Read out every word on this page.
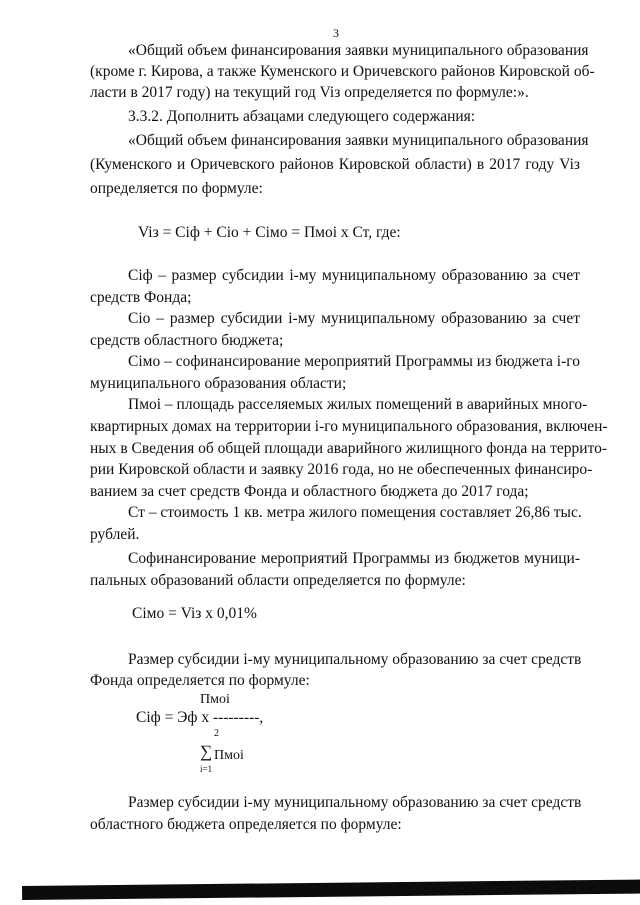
3
«Общий объем финансирования заявки муниципального образования
(кроме г. Кирова, а также Куменского и Оричевского районов Кировской об-
ласти в 2017 году) на текущий год Viз определяется по формуле:».
3.3.2. Дополнить абзацами следующего содержания:
«Общий объем финансирования заявки муниципального образования
(Куменского и Оричевского районов Кировской области) в 2017 году Viз
определяется по формуле:
Viз = Сiф + Сiо + Сiмо = Пмoi х Ст, где:
Сiф – размер субсидии i-му муниципальному образованию за счет
средств Фонда;
Сiо – размер субсидии i-му муниципальному образованию за счет
средств областного бюджета;
Сiмо – софинансирование мероприятий Программы из бюджета i-го
муниципального образования области;
Пмoi – площадь расселяемых жилых помещений в аварийных много-
квартирных домах на территории i-го муниципального образования, включен-
ных в Сведения об общей площади аварийного жилищного фонда на террито-
рии Кировской области и заявку 2016 года, но не обеспеченных финансиро-
ванием за счет средств Фонда и областного бюджета до 2017 года;
Ст – стоимость 1 кв. метра жилого помещения составляет 26,86 тыс.
рублей.
Софинансирование мероприятий Программы из бюджетов муници-
пальных образований области определяется по формуле:
Сiмо = Viз х 0,01%
Размер субсидии i-му муниципальному образованию за счет средств
Фонда определяется по формуле:
Пмoi
Сiф = Эф х ---------,
2
∑ Пмoi
i=1
Размер субсидии i-му муниципальному образованию за счет средств
областного бюджета определяется по формуле:
